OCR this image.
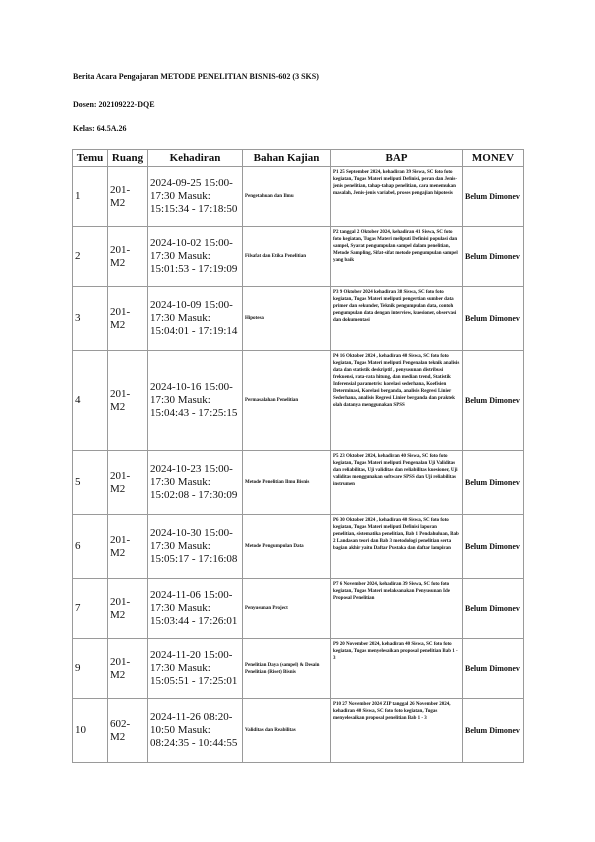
Berita Acara Pengajaran METODE PENELITIAN BISNIS-602 (3 SKS)
Dosen: 202109222-DQE
Kelas: 64.5A.26
Temu	Ruang	Kehadiran	Bahan Kajian	BAP	MONEV
1	201-M2	2024-09-25 15:00-17:30 Masuk: 15:15:34 - 17:18:50	Pengetahuan dan Ilmu	P1 25 September 2024, kehadiran 39 Siswa, SC foto foto kegiatan, Tugas Materi meliputi Definisi, peran dan Jenis-jenis penelitian, tahap-tahap penelitian, cara menemukan masalah, Jenis-jenis variabel, proses pengajian hipotesis	Belum Dimonev
2	201-M2	2024-10-02 15:00-17:30 Masuk: 15:01:53 - 17:19:09	Filsafat dan Etika Penelitian	P2 tanggal 2 Oktober 2024, kehadiran 41 Siswa, SC foto foto kegiatan, Tugas Materi meliputi Definisi populasi dan sampel, Syarat pengumpulan sampel dalam penelitian, Metode Sampling, Sifat-sifat metode pengumpulan sampel yang baik	Belum Dimonev
3	201-M2	2024-10-09 15:00-17:30 Masuk: 15:04:01 - 17:19:14	Hipotesa	P3 9 Oktober 2024 kehadiran 38 Siswa, SC foto foto kegiatan, Tugas Materi meliputi pengertian sumber data primer dan sekunder, Teknik pengumpulan data, contoh pengumpulan data dengan interview, kuesioner, observasi dan dokumentasi	Belum Dimonev
4	201-M2	2024-10-16 15:00-17:30 Masuk: 15:04:43 - 17:25:15	Permasalahan Penelitian	P4 16 Oktober 2024 , kehadiran 40 Siswa, SC foto foto kegiatan, Tugas Materi meliputi Pengenalan teknik analisis data dan statistik deskriptif , penyusunan distribusi frekuensi, rata-rata hitung, dan median trend, Statistik Inferensial parametris: korelasi sederhana, Koefisien Determinasi, Korelasi berganda, analisis Regresi Linier Sederhana, analisis Regresi Linier berganda dan praktek olah datanya menggunakan SPSS	Belum Dimonev
5	201-M2	2024-10-23 15:00-17:30 Masuk: 15:02:08 - 17:30:09	Metode Penelitian Ilmu Bisnis	P5 23 Oktober 2024, kehadiran 40 Siswa, SC foto foto kegiatan, Tugas Materi meliputi Pengenalan Uji Validitas dan reliabilitas, Uji validitas dan reliabilitas kuesioner, Uji validitas menggunakan software SPSS dan Uji reliabilitas instrumen	Belum Dimonev
6	201-M2	2024-10-30 15:00-17:30 Masuk: 15:05:17 - 17:16:08	Metode Pengumpulan Data	P6 30 Oktober 2024 , kehadiran 40 Siswa, SC foto foto kegiatan, Tugas Materi meliputi Definisi laporan penelitian, sistematika penelitian, Bab 1 Pendahuluan, Bab 2 Landasan teori dan Bab 3 metodologi penelitian serta bagian akhir yaitu Daftar Pustaka dan daftar lampiran	Belum Dimonev
7	201-M2	2024-11-06 15:00-17:30 Masuk: 15:03:44 - 17:26:01	Penyusunan Project	P7 6 November 2024, kehadiran 39 Siswa, SC foto foto kegiatan, Tugas Materi melaksanakan Penyusunan Ide Proposal Penelitian	Belum Dimonev
9	201-M2	2024-11-20 15:00-17:30 Masuk: 15:05:51 - 17:25:01	Penelitian Daya (sampel) & Desain Penelitian (Riset) Bisnis	P9 20 November 2024, kehadiran 40 Siswa, SC foto foto kegiatan, Tugas menyelesaikan proposal penelitian Bab 1 - 3	Belum Dimonev
10	602-M2	2024-11-26 08:20-10:50 Masuk: 08:24:35 - 10:44:55	Validitas dan Reabilitas	P10 27 November 2024 ZIP tanggal 26 November 2024, kehadiran 40 Siswa, SC foto foto kegiatan, Tugas menyelesaikan proposal penelitian Bab 1 - 3	Belum Dimonev
